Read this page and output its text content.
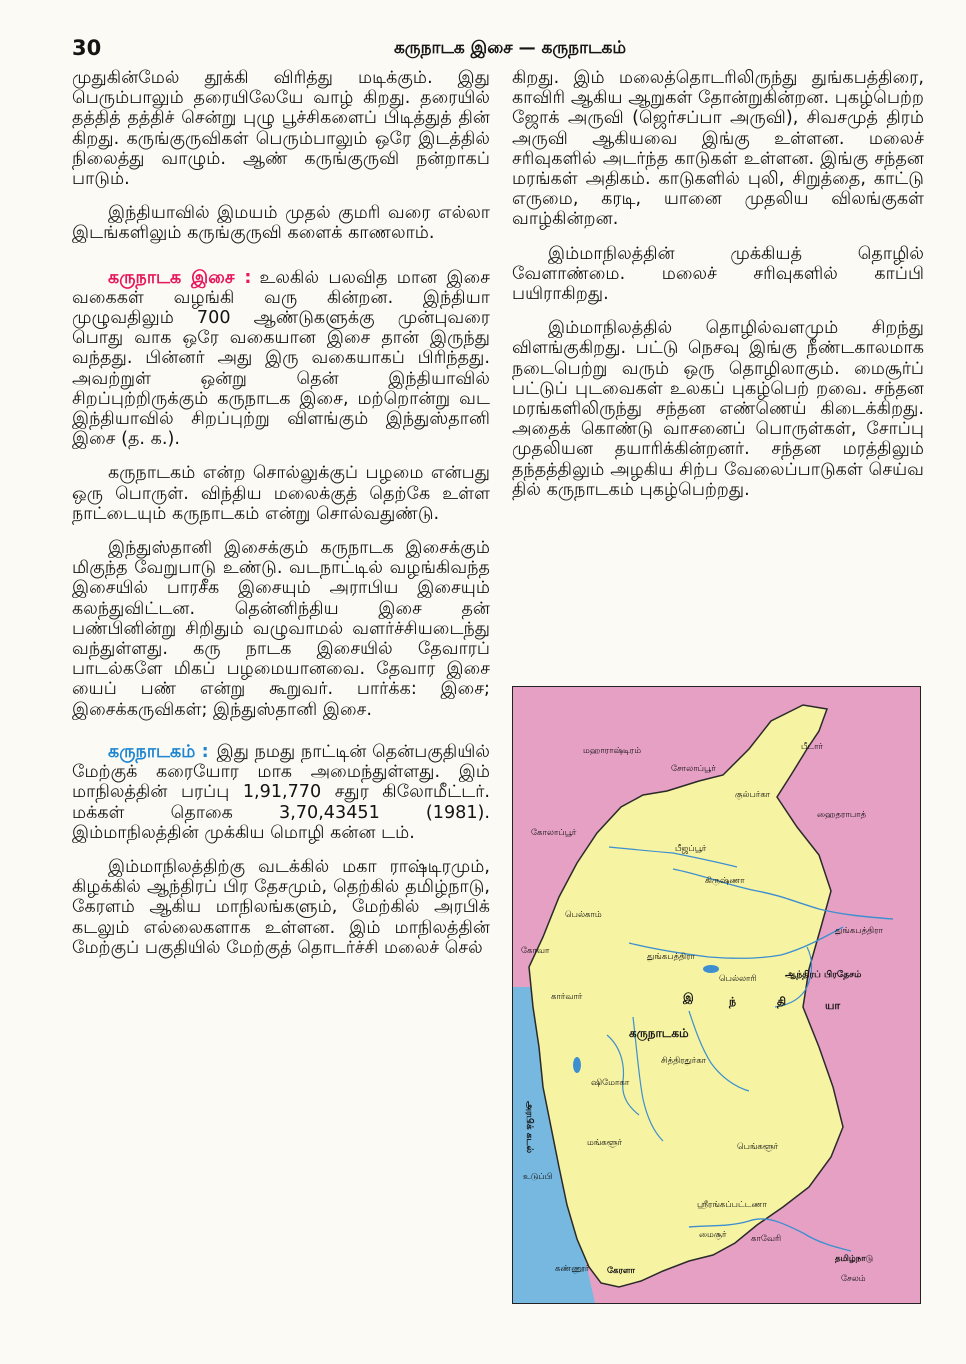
30	கருநாடக இசை — கருநாடகம்

முதுகின்மேல் தூக்கி விரித்து மடிக்கும். இது பெரும்பாலும் தரையிலேயே வாழ் கிறது. தரையில் தத்தித் தத்திச் சென்று புழு பூச்சிகளைப் பிடித்துத் தின் கிறது. கருங்குருவிகள் பெரும்பாலும் ஒரே இடத்தில் நிலைத்து வாழும். ஆண் கருங்குருவி நன்றாகப் பாடும்.

இந்தியாவில் இமயம் முதல் குமரி வரை எல்லா இடங்களிலும் கருங்குருவி களைக் காணலாம்.

கருநாடக இசை : உலகில் பலவித மான இசை வகைகள் வழங்கி வரு கின்றன. இந்தியா முழுவதிலும் 700 ஆண்டுகளுக்கு முன்புவரை பொது வாக ஒரே வகையான இசை தான் இருந்து வந்தது. பின்னர் அது இரு வகையாகப் பிரிந்தது. அவற்றுள் ஒன்று தென் இந்தியாவில் சிறப்புற்றிருக்கும் கருநாடக இசை, மற்றொன்று வட இந்தியாவில் சிறப்புற்று விளங்கும் இந்துஸ்தானி இசை (த. க.).

கருநாடகம் என்ற சொல்லுக்குப் பழமை என்பது ஒரு பொருள். விந்திய மலைக்குத் தெற்கே உள்ள நாட்டையும் கருநாடகம் என்று சொல்வதுண்டு.

இந்துஸ்தானி இசைக்கும் கருநாடக இசைக்கும் மிகுந்த வேறுபாடு உண்டு. வடநாட்டில் வழங்கிவந்த இசையில் பாரசீக இசையும் அராபிய இசையும் கலந்துவிட்டன. தென்னிந்திய இசை தன் பண்பினின்று சிறிதும் வழுவாமல் வளர்ச்சியடைந்து வந்துள்ளது. கரு நாடக இசையில் தேவாரப் பாடல்களே மிகப் பழமையானவை. தேவார இசை யைப் பண் என்று கூறுவர். பார்க்க: இசை; இசைக்கருவிகள்; இந்துஸ்தானி இசை.

கருநாடகம் : இது நமது நாட்டின் தென்பகுதியில் மேற்குக் கரையோர மாக அமைந்துள்ளது. இம் மாநிலத்தின் பரப்பு 1,91,770 சதுர கிலோமீட்டர். மக்கள் தொகை 3,70,43451 (1981). இம்மாநிலத்தின் முக்கிய மொழி கன்ன டம்.

இம்மாநிலத்திற்கு வடக்கில் மகா ராஷ்டிரமும், கிழக்கில் ஆந்திரப் பிர தேசமும், தெற்கில் தமிழ்நாடு, கேரளம் ஆகிய மாநிலங்களும், மேற்கில் அரபிக் கடலும் எல்லைகளாக உள்ளன. இம் மாநிலத்தின் மேற்குப் பகுதியில் மேற்குத் தொடர்ச்சி மலைச் செல்

கிறது. இம் மலைத்தொடரிலிருந்து துங்கபத்திரை, காவிரி ஆகிய ஆறுகள் தோன்றுகின்றன. புகழ்பெற்ற ஜோக் அருவி (ஜெர்சப்பா அருவி), சிவசமுத் திரம் அருவி ஆகியவை இங்கு உள்ளன. மலைச் சரிவுகளில் அடர்ந்த காடுகள் உள்ளன. இங்கு சந்தன மரங்கள் அதிகம். காடுகளில் புலி, சிறுத்தை, காட்டு எருமை, கரடி, யானை முதலிய விலங்குகள் வாழ்கின்றன.

இம்மாநிலத்தின் முக்கியத் தொழில் வேளாண்மை. மலைச் சரிவுகளில் காப்பி பயிராகிறது.

இம்மாநிலத்தில் தொழில்வளமும் சிறந்து விளங்குகிறது. பட்டு நெசவு இங்கு நீண்டகாலமாக நடைபெற்று வரும் ஒரு தொழிலாகும். மைசூர்ப் பட்டுப் புடவைகள் உலகப் புகழ்பெற் றவை. சந்தன மரங்களிலிருந்து சந்தன எண்ணெய் கிடைக்கிறது. அதைக் கொண்டு வாசனைப் பொருள்கள், சோப்பு முதலியன தயாரிக்கின்றனர். சந்தன மரத்திலும் தந்தத்திலும் அழகிய சிற்ப வேலைப்பாடுகள் செய்வ தில் கருநாடகம் புகழ்பெற்றது.

மஹாராஷ்டிரம்	பீடார்
சோலாப்பூர்
குல்பர்கா
ஹைதராபாத்
கோலாப்பூர்
பீஜப்பூர்
கிருஷ்ணா
பெல்காம்
துங்கபத்திரா
கோவா
துங்கபத்திரா
பெல்லாரி	ஆந்திரப் பிரதேசம்
கார்வார்	இ	ந்	தி	யா
கருநாடகம்
சித்திரதுர்கா
ஷிமோகா
அரபிக் கடல்	மங்களூர்	பெங்களூர்
உடுப்பி
ஸ்ரீரங்கப்பட்டணா
மைசூர்	காவேரி
கண்ணூர் கேரளா
தமிழ்நாடு
சேலம்
